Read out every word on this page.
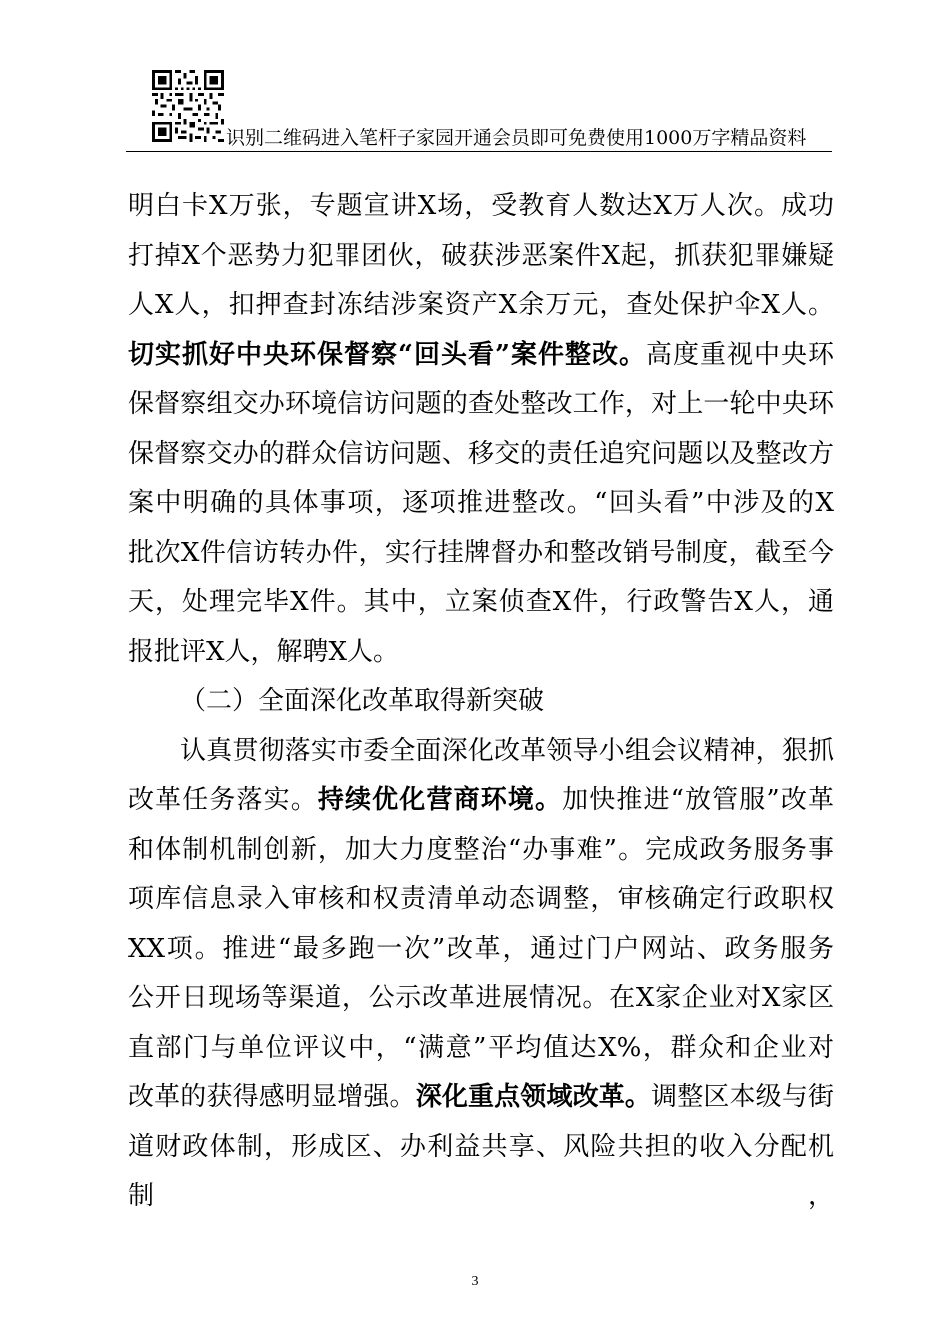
识别二维码进入笔杆子家园开通会员即可免费使用1000万字精品资料
明白卡X万张，专题宣讲X场，受教育人数达X万人次。成功
打掉X个恶势力犯罪团伙，破获涉恶案件X起，抓获犯罪嫌疑
人X人，扣押查封冻结涉案资产X余万元，查处保护伞X人。
切实抓好中央环保督察“回头看”案件整改。高度重视中央环
保督察组交办环境信访问题的查处整改工作，对上一轮中央环
保督察交办的群众信访问题、移交的责任追究问题以及整改方
案中明确的具体事项，逐项推进整改。“回头看”中涉及的X
批次X件信访转办件，实行挂牌督办和整改销号制度，截至今
天，处理完毕X件。其中，立案侦查X件，行政警告X人，通
报批评X人，解聘X人。
（二）全面深化改革取得新突破
认真贯彻落实市委全面深化改革领导小组会议精神，狠抓
改革任务落实。持续优化营商环境。加快推进“放管服”改革
和体制机制创新，加大力度整治“办事难”。完成政务服务事
项库信息录入审核和权责清单动态调整，审核确定行政职权
XX项。推进“最多跑一次”改革，通过门户网站、政务服务
公开日现场等渠道，公示改革进展情况。在X家企业对X家区
直部门与单位评议中，“满意”平均值达X%，群众和企业对
改革的获得感明显增强。深化重点领域改革。调整区本级与街
道财政体制，形成区、办利益共享、风险共担的收入分配机制，
3
